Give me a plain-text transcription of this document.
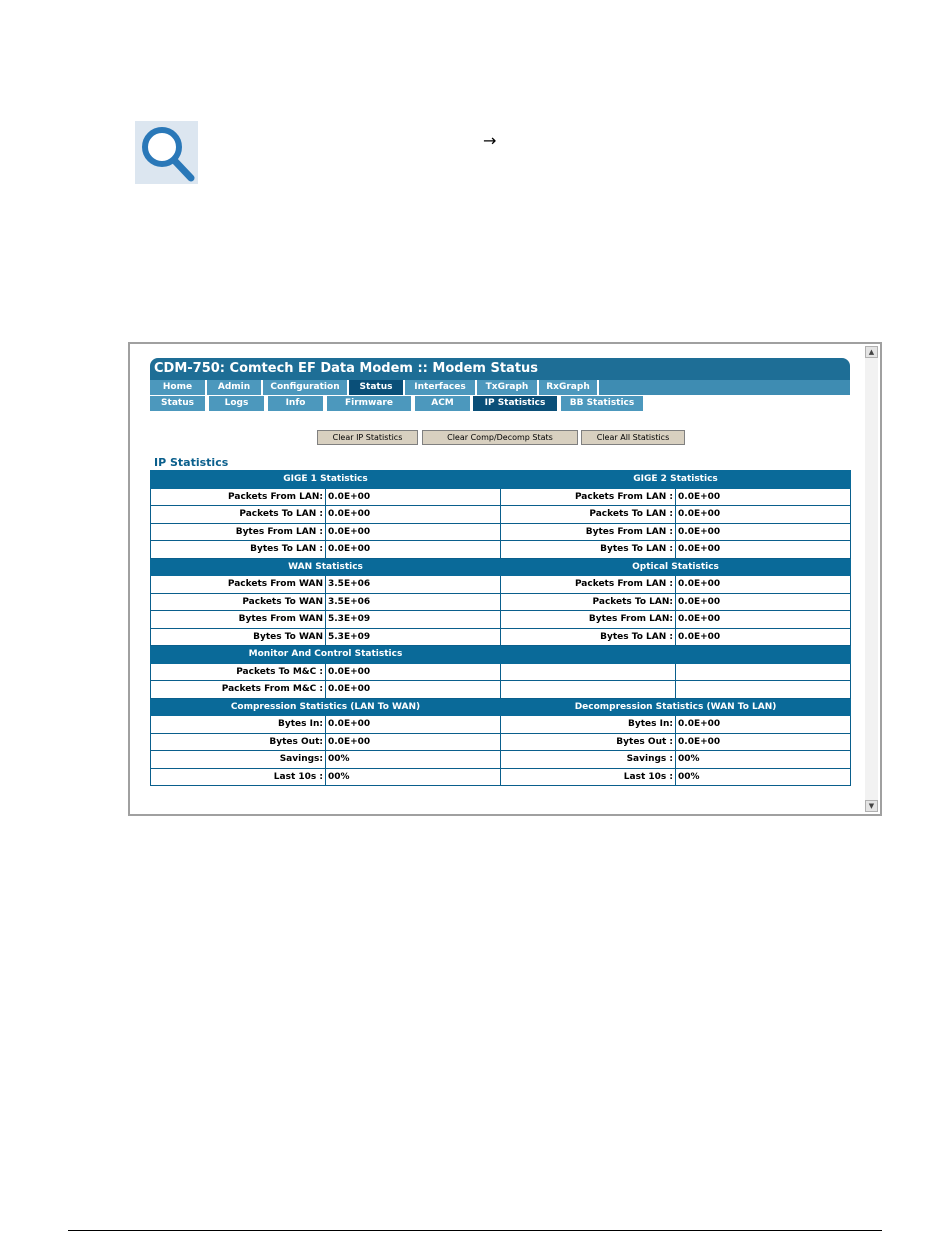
→
▲
▼
CDM-750: Comtech EF Data Modem :: Modem Status
Home	Admin	Configuration	Status	Interfaces	TxGraph	RxGraph
Status	Logs	Info	Firmware	ACM	IP Statistics	BB Statistics
Clear IP Statistics	Clear Comp/Decomp Stats	Clear All Statistics
IP Statistics
GIGE 1 Statistics		GIGE 2 Statistics	
Packets From LAN:	0.0E+00	Packets From LAN :	0.0E+00
Packets To LAN :	0.0E+00	Packets To LAN :	0.0E+00
Bytes From LAN :	0.0E+00	Bytes From LAN :	0.0E+00
Bytes To LAN :	0.0E+00	Bytes To LAN :	0.0E+00
WAN Statistics		Optical Statistics	
Packets From WAN	3.5E+06	Packets From LAN :	0.0E+00
Packets To WAN	3.5E+06	Packets To LAN:	0.0E+00
Bytes From WAN	5.3E+09	Bytes From LAN:	0.0E+00
Bytes To WAN	5.3E+09	Bytes To LAN :	0.0E+00
Monitor And Control Statistics			
Packets To M&C :	0.0E+00		
Packets From M&C :	0.0E+00		
Compression Statistics (LAN To WAN)		Decompression Statistics (WAN To LAN)	
Bytes In:	0.0E+00	Bytes In:	0.0E+00
Bytes Out:	0.0E+00	Bytes Out :	0.0E+00
Savings:	00%	Savings :	00%
Last 10s :	00%	Last 10s :	00%
